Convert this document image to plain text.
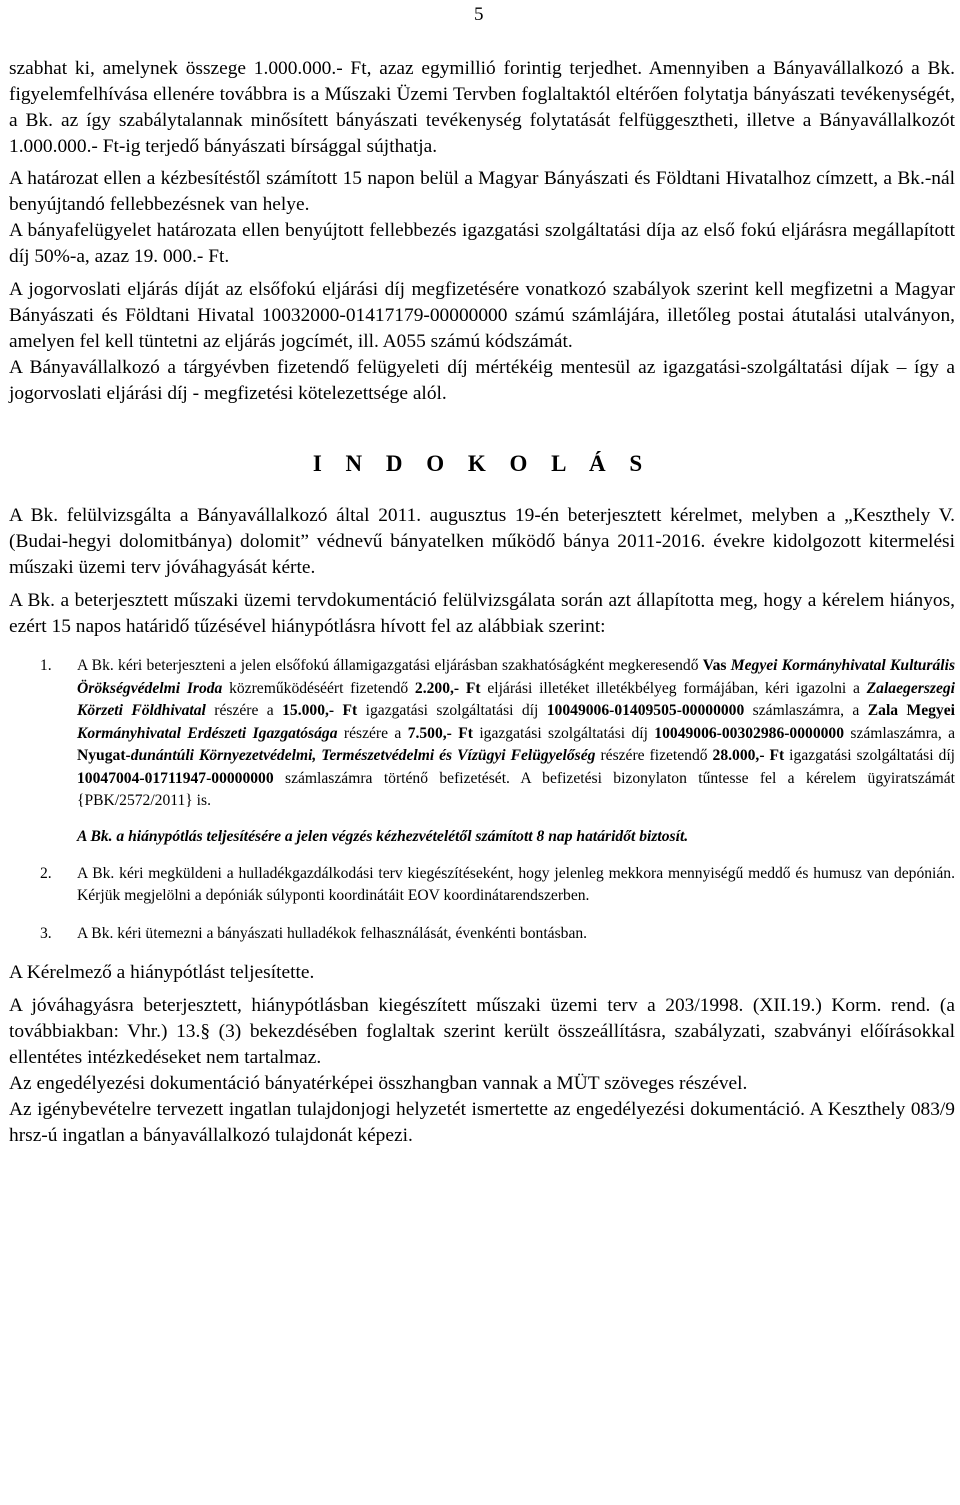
5

szabhat ki, amelynek összege 1.000.000.- Ft, azaz egymillió forintig terjedhet. Amennyiben a Bányavállalkozó a Bk. figyelemfelhívása ellenére továbbra is a Műszaki Üzemi Tervben foglaltaktól eltérően folytatja bányászati tevékenységét, a Bk. az így szabálytalannak minősített bányászati tevékenység folytatását felfüggesztheti, illetve a Bányavállalkozót 1.000.000.- Ft-ig terjedő bányászati bírsággal sújthatja.

A határozat ellen a kézbesítéstől számított 15 napon belül a Magyar Bányászati és Földtani Hivatalhoz címzett, a Bk.-nál benyújtandó fellebbezésnek van helye.

A bányafelügyelet határozata ellen benyújtott fellebbezés igazgatási szolgáltatási díja az első fokú eljárásra megállapított díj 50%-a, azaz 19. 000.- Ft.

A jogorvoslati eljárás díját az elsőfokú eljárási díj megfizetésére vonatkozó szabályok szerint kell megfizetni a Magyar Bányászati és Földtani Hivatal 10032000-01417179-00000000 számú számlájára, illetőleg postai átutalási utalványon, amelyen fel kell tüntetni az eljárás jogcímét, ill. A055 számú kódszámát.

A Bányavállalkozó a tárgyévben fizetendő felügyeleti díj mértékéig mentesül az igazgatási-szolgáltatási díjak – így a jogorvoslati eljárási díj - megfizetési kötelezettsége alól.

I N D O K O L Á S

A Bk. felülvizsgálta a Bányavállalkozó által 2011. augusztus 19-én beterjesztett kérelmet, melyben a „Keszthely V. (Budai-hegyi dolomitbánya) dolomit” védnevű bányatelken működő bánya 2011-2016. évekre kidolgozott kitermelési műszaki üzemi terv jóváhagyását kérte.

A Bk. a beterjesztett műszaki üzemi tervdokumentáció felülvizsgálata során azt állapította meg, hogy a kérelem hiányos, ezért 15 napos határidő tűzésével hiánypótlásra hívott fel az alábbiak szerint:

1. A Bk. kéri beterjeszteni a jelen elsőfokú államigazgatási eljárásban szakhatóságként megkeresendő Vas Megyei Kormányhivatal Kulturális Örökségvédelmi Iroda közreműködéséért fizetendő 2.200,- Ft eljárási illetéket illetékbélyeg formájában, kéri igazolni a Zalaegerszegi Körzeti Földhivatal részére a 15.000,- Ft igazgatási szolgáltatási díj 10049006-01409505-00000000 számlaszámra, a Zala Megyei Kormányhivatal Erdészeti Igazgatósága részére a 7.500,- Ft igazgatási szolgáltatási díj 10049006-00302986-0000000 számlaszámra, a Nyugat-dunántúli Környezetvédelmi, Természetvédelmi és Vízügyi Felügyelőség részére fizetendő 28.000,- Ft igazgatási szolgáltatási díj 10047004-01711947-00000000 számlaszámra történő befizetését. A befizetési bizonylaton tűntesse fel a kérelem ügyiratszámát {PBK/2572/2011} is.

A Bk. a hiánypótlás teljesítésére a jelen végzés kézhezvételétől számított 8 nap határidőt biztosít.

2. A Bk. kéri megküldeni a hulladékgazdálkodási terv kiegészítéseként, hogy jelenleg mekkora mennyiségű meddő és humusz van depónián. Kérjük megjelölni a depóniák súlyponti koordinátáit EOV koordinátarendszerben.
3. A Bk. kéri ütemezni a bányászati hulladékok felhasználását, évenkénti bontásban.

A Kérelmező a hiánypótlást teljesítette.

A jóváhagyásra beterjesztett, hiánypótlásban kiegészített műszaki üzemi terv a 203/1998. (XII.19.) Korm. rend. (a továbbiakban: Vhr.) 13.§ (3) bekezdésében foglaltak szerint került összeállításra, szabályzati, szabványi előírásokkal ellentétes intézkedéseket nem tartalmaz.

Az engedélyezési dokumentáció bányatérképei összhangban vannak a MÜT szöveges részével.

Az igénybevételre tervezett ingatlan tulajdonjogi helyzetét ismertette az engedélyezési dokumentáció. A Keszthely 083/9 hrsz-ú ingatlan a bányavállalkozó tulajdonát képezi.
